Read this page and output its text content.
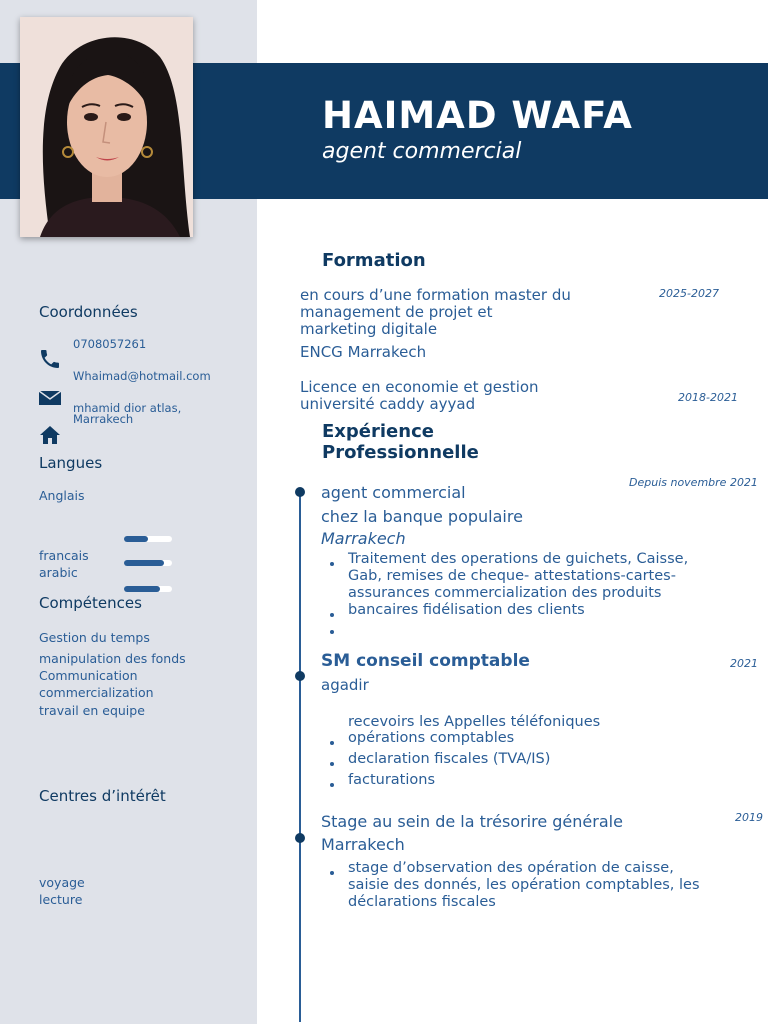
HAIMAD WAFA
agent commercial
Coordonnées
0708057261
Whaimad@hotmail.com
mhamid dior atlas,
Marrakech
Langues
Anglais
francais
arabic
Compétences
Gestion du temps
manipulation des fonds
Communication
commercialization
travail en equipe
Centres d’intérêt
voyage
lecture
Formation
en cours d’une formation master du
management de projet et
marketing digitale
ENCG Marrakech
2025-2027
Licence en economie et gestion
université caddy ayyad	2018-2021
Expérience
Professionnelle
agent commercial
Depuis novembre 2021
chez la banque populaire
Marrakech
Traitement des operations de guichets, Caisse,
Gab, remises de cheque- attestations-cartes-
assurances commercialization des produits
bancaires fidélisation des clients
SM conseil comptable	2021
agadir
recevoirs les Appelles téléfoniques
opérations comptables
declaration fiscales (TVA/IS)
facturations
Stage au sein de la trésorire générale	2019
Marrakech
stage d’observation des opération de caisse,
saisie des donnés, les opération comptables, les
déclarations fiscales
